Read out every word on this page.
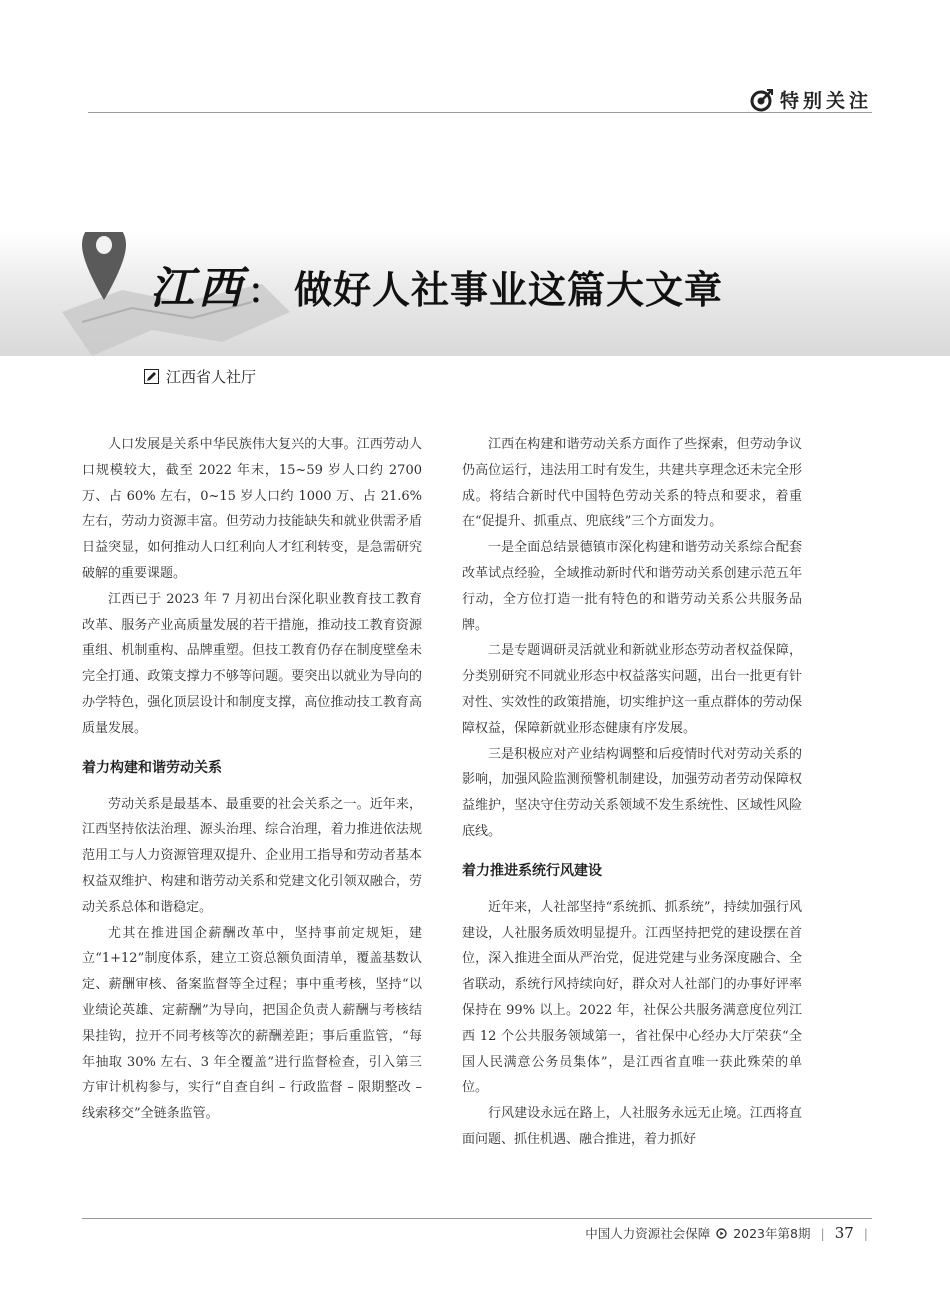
特别关注
江西 ： 做好人社事业这篇大文章
江西省人社厅

人口发展是关系中华民族伟大复兴的大事。江西劳动人口规模较大，截至 2022 年末，15~59 岁人口约 2700 万、占 60% 左右，0~15 岁人口约 1000 万、占 21.6% 左右，劳动力资源丰富。但劳动力技能缺失和就业供需矛盾日益突显，如何推动人口红利向人才红利转变，是急需研究破解的重要课题。

江西已于 2023 年 7 月初出台深化职业教育技工教育改革、服务产业高质量发展的若干措施，推动技工教育资源重组、机制重构、品牌重塑。但技工教育仍存在制度壁垒未完全打通、政策支撑力不够等问题。要突出以就业为导向的办学特色，强化顶层设计和制度支撑，高位推动技工教育高质量发展。

着力构建和谐劳动关系

劳动关系是最基本、最重要的社会关系之一。近年来，江西坚持依法治理、源头治理、综合治理，着力推进依法规范用工与人力资源管理双提升、企业用工指导和劳动者基本权益双维护、构建和谐劳动关系和党建文化引领双融合，劳动关系总体和谐稳定。

尤其在推进国企薪酬改革中，坚持事前定规矩，建立“1+12”制度体系，建立工资总额负面清单，覆盖基数认定、薪酬审核、备案监督等全过程；事中重考核，坚持“以业绩论英雄、定薪酬”为导向，把国企负责人薪酬与考核结果挂钩，拉开不同考核等次的薪酬差距；事后重监管，“每年抽取 30% 左右、3 年全覆盖”进行监督检查，引入第三方审计机构参与，实行“自查自纠 – 行政监督 – 限期整改 – 线索移交”全链条监管。

江西在构建和谐劳动关系方面作了些探索，但劳动争议仍高位运行，违法用工时有发生，共建共享理念还未完全形成。将结合新时代中国特色劳动关系的特点和要求，着重在“促提升、抓重点、兜底线”三个方面发力。

一是全面总结景德镇市深化构建和谐劳动关系综合配套改革试点经验，全域推动新时代和谐劳动关系创建示范五年行动，全方位打造一批有特色的和谐劳动关系公共服务品牌。

二是专题调研灵活就业和新就业形态劳动者权益保障，分类别研究不同就业形态中权益落实问题，出台一批更有针对性、实效性的政策措施，切实维护这一重点群体的劳动保障权益，保障新就业形态健康有序发展。

三是积极应对产业结构调整和后疫情时代对劳动关系的影响，加强风险监测预警机制建设，加强劳动者劳动保障权益维护，坚决守住劳动关系领域不发生系统性、区域性风险底线。

着力推进系统行风建设

近年来，人社部坚持“系统抓、抓系统”，持续加强行风建设，人社服务质效明显提升。江西坚持把党的建设摆在首位，深入推进全面从严治党，促进党建与业务深度融合、全省联动，系统行风持续向好，群众对人社部门的办事好评率保持在 99% 以上。2022 年，社保公共服务满意度位列江西 12 个公共服务领域第一，省社保中心经办大厅荣获“全国人民满意公务员集体”，是江西省直唯一获此殊荣的单位。

行风建设永远在路上，人社服务永远无止境。江西将直面问题、抓住机遇、融合推进，着力抓好

中国人力资源社会保障 2023年第8期 | 37 |
